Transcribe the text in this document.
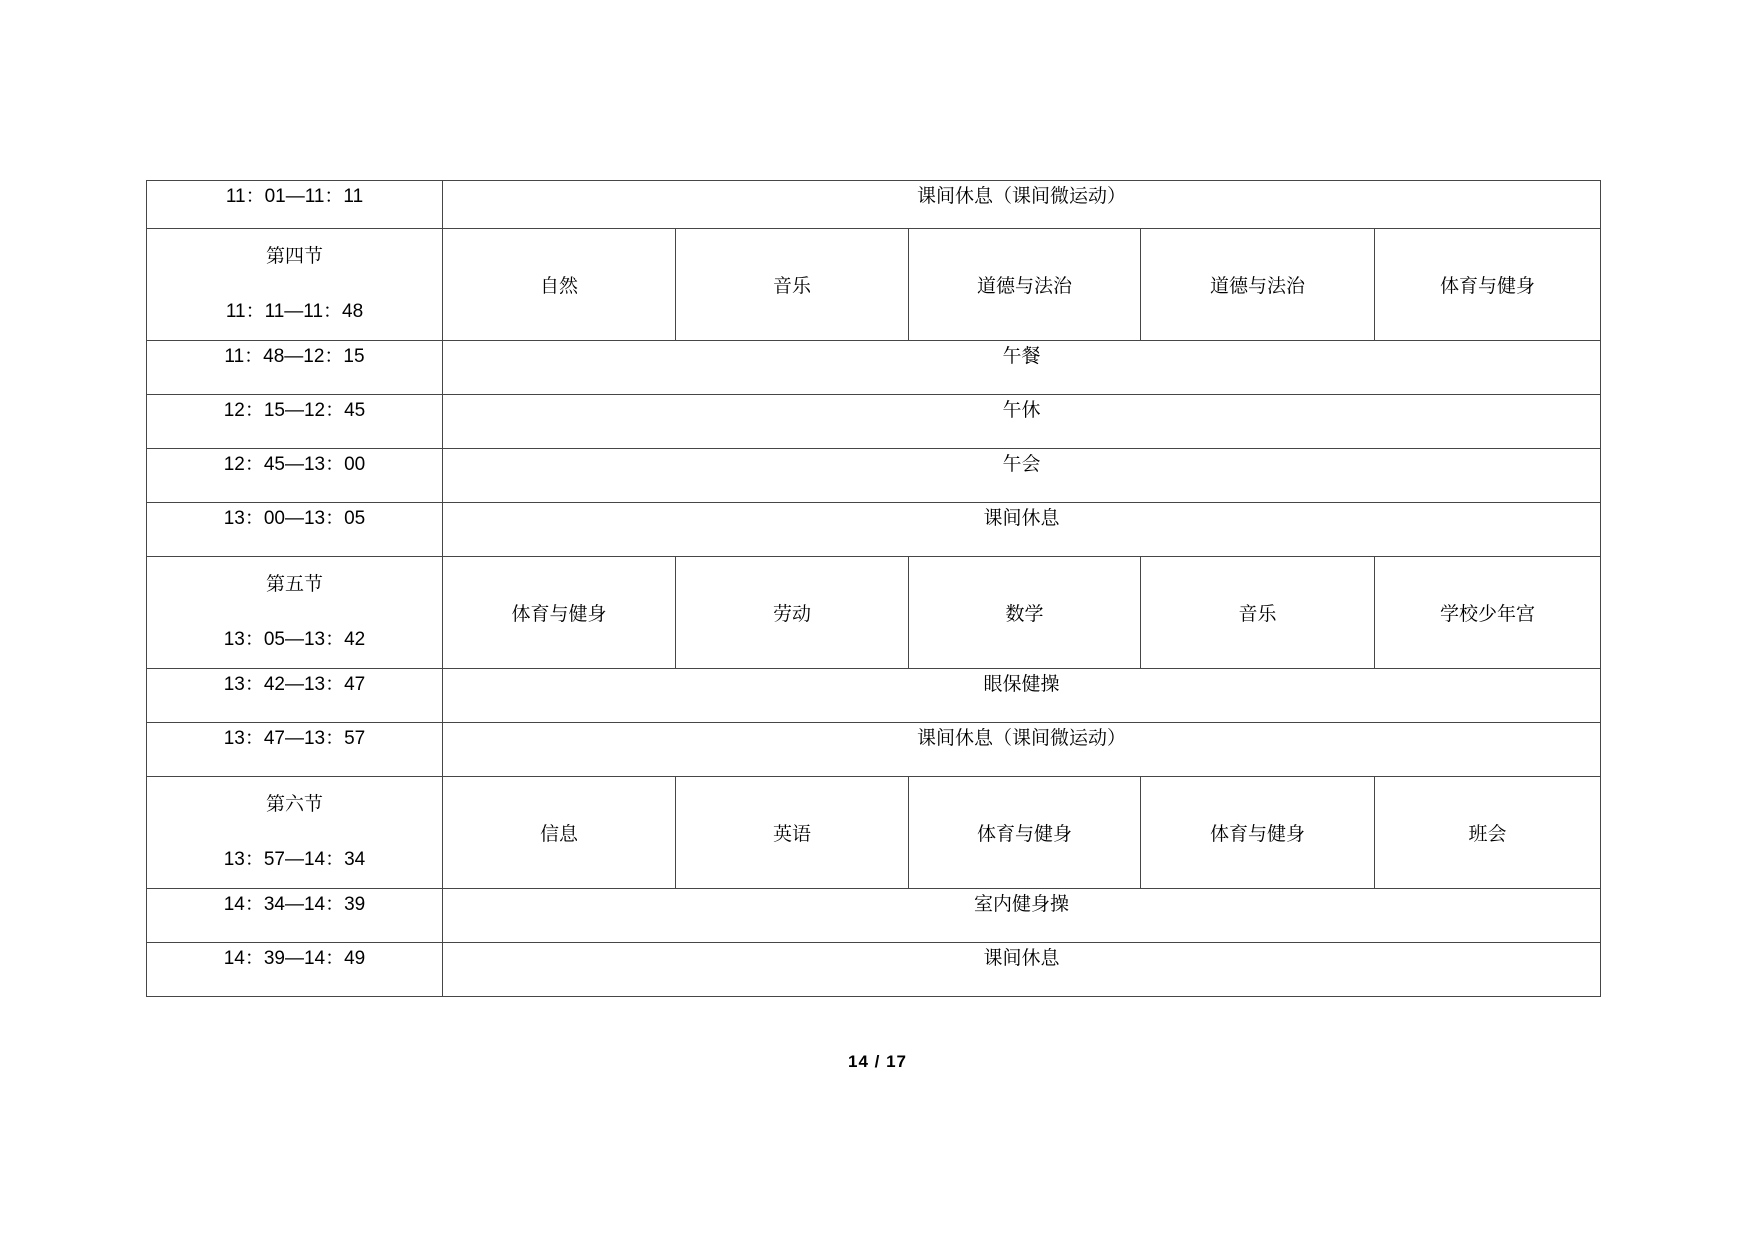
11：01—11：11	课间休息（课间微运动）				

第四节
11：11—11：48	自然	音乐	道德与法治	道德与法治	体育与健身
11：48—12：15	午餐				
12：15—12：45	午休				
12：45—13：00	午会				
13：00—13：05	课间休息				

第五节
13：05—13：42	体育与健身	劳动	数学	音乐	学校少年宫
13：42—13：47	眼保健操				
13：47—13：57	课间休息（课间微运动）				

第六节
13：57—14：34	信息	英语	体育与健身	体育与健身	班会
14：34—14：39	室内健身操				
14：39—14：49	课间休息				
14 / 17
